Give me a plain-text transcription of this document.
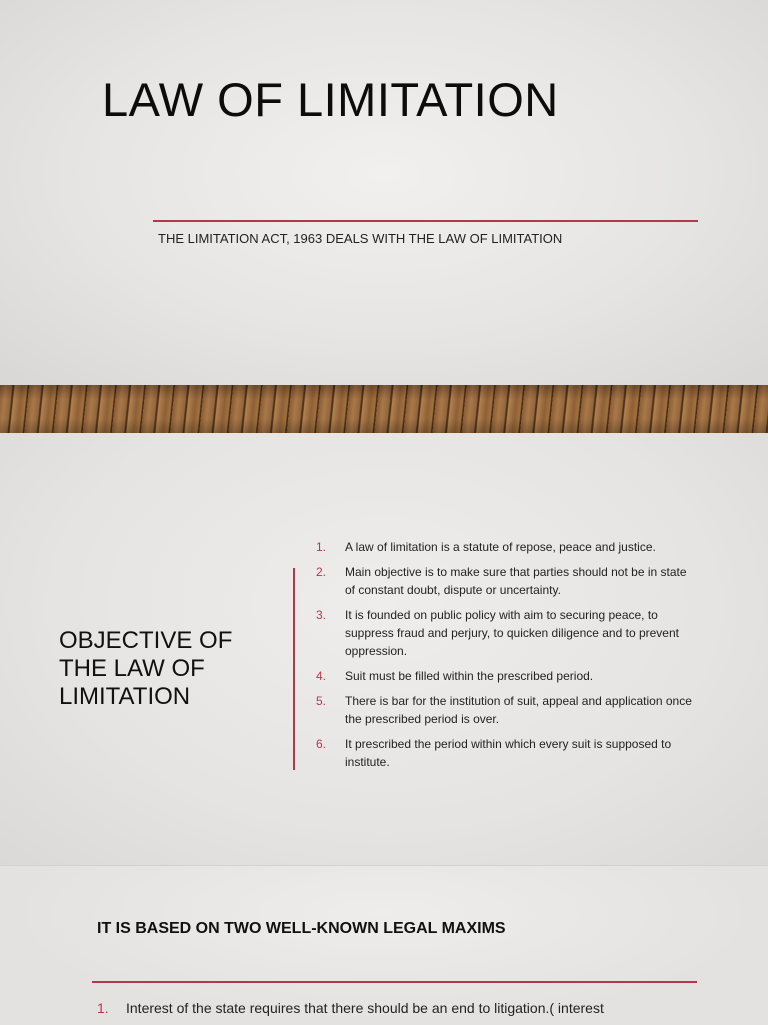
LAW OF LIMITATION
THE LIMITATION ACT, 1963 DEALS WITH THE LAW OF LIMITATION
OBJECTIVE OF THE LAW OF LIMITATION
1.	A law of limitation is a statute of repose, peace and justice.
2.	Main objective is to make sure that parties should not be in state of constant doubt, dispute or uncertainty.
3.	It is founded on public policy with aim to securing peace, to suppress fraud and perjury, to quicken diligence and to prevent oppression.
4.	Suit must be filled within the prescribed period.
5.	There is bar for the institution of suit, appeal and application once the prescribed period is over.
6.	It prescribed the period within which every suit is supposed to institute.
IT IS BASED ON TWO WELL-KNOWN LEGAL MAXIMS
1.	Interest of the state requires that there should be an end to litigation.( interest
